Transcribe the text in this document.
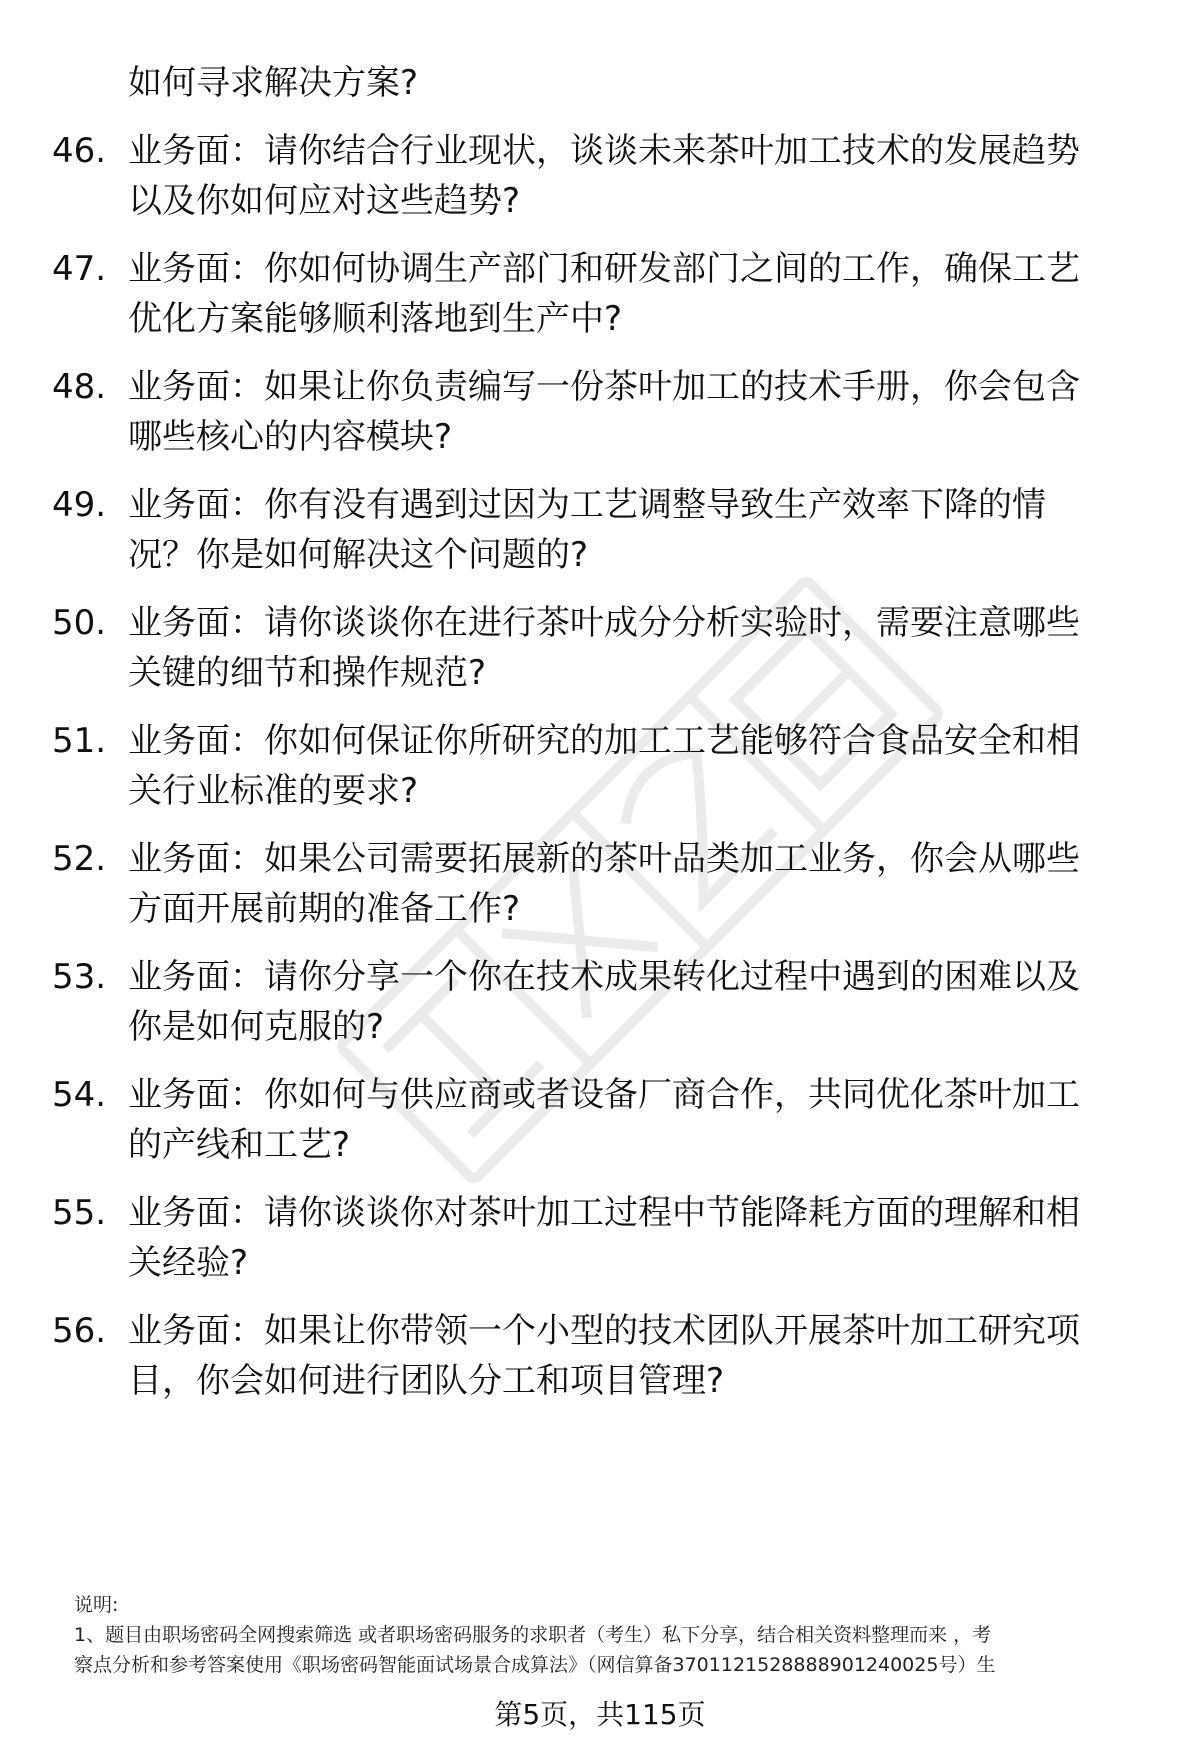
如何寻求解决方案?
46. 业务面：请你结合行业现状，谈谈未来茶叶加工技术的发展趋势
以及你如何应对这些趋势?
47. 业务面：你如何协调生产部门和研发部门之间的工作，确保工艺
优化方案能够顺利落地到生产中?
48. 业务面：如果让你负责编写一份茶叶加工的技术手册，你会包含
哪些核心的内容模块?
49. 业务面：你有没有遇到过因为工艺调整导致生产效率下降的情
况？你是如何解决这个问题的?
50. 业务面：请你谈谈你在进行茶叶成分分析实验时，需要注意哪些
关键的细节和操作规范?
51. 业务面：你如何保证你所研究的加工工艺能够符合食品安全和相
关行业标准的要求?
52. 业务面：如果公司需要拓展新的茶叶品类加工业务，你会从哪些
方面开展前期的准备工作?
53. 业务面：请你分享一个你在技术成果转化过程中遇到的困难以及
你是如何克服的?
54. 业务面：你如何与供应商或者设备厂商合作，共同优化茶叶加工
的产线和工艺?
55. 业务面：请你谈谈你对茶叶加工过程中节能降耗方面的理解和相
关经验?
56. 业务面：如果让你带领一个小型的技术团队开展茶叶加工研究项
目，你会如何进行团队分工和项目管理?
说明:
1、题目由职场密码全网搜索筛选 或者职场密码服务的求职者（考生）私下分享，结合相关资料整理而来 ，考
察点分析和参考答案使用《职场密码智能面试场景合成算法》（网信算备3701121528888901240025号）生
第5页，共115页
